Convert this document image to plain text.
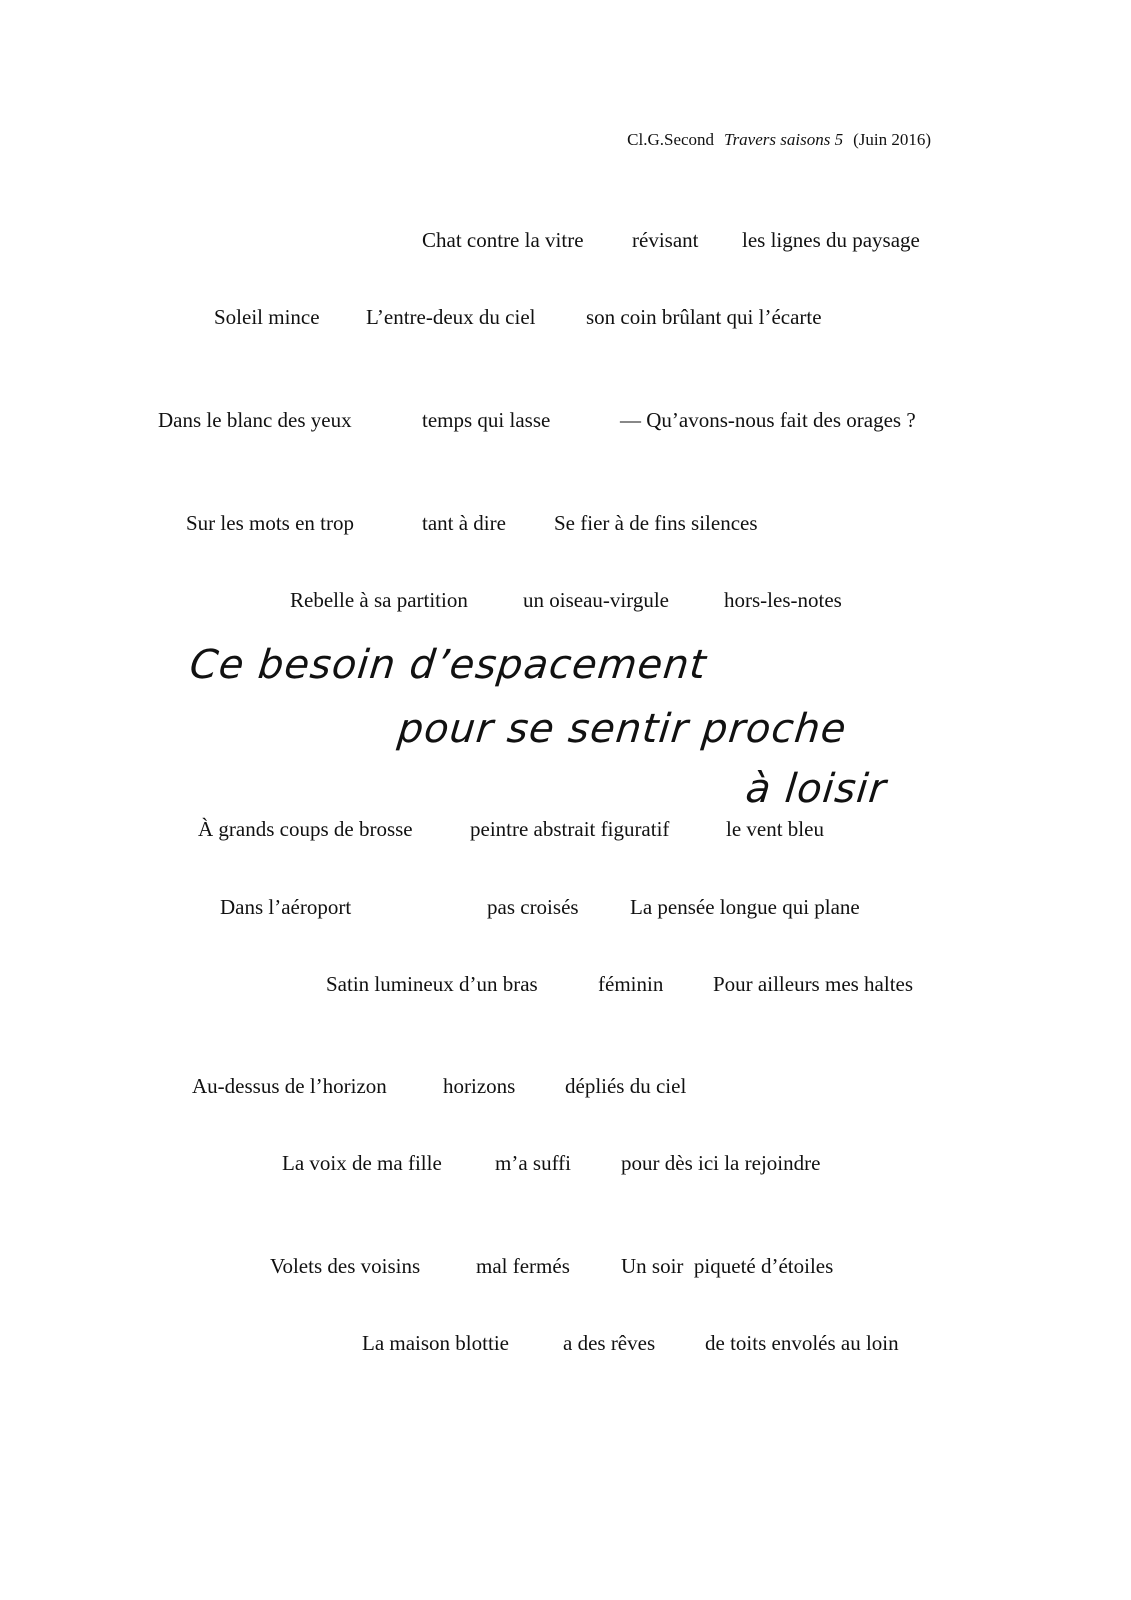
Cl.G.Second Travers saisons 5 (Juin 2016)
Chat contre la vitre révisant les lignes du paysage
Soleil mince L’entre-deux du ciel son coin brûlant qui l’écarte
Dans le blanc des yeux	temps qui lasse	— Qu’avons-nous fait des orages ?
Sur les mots en trop	tant à dire Se fier à de fins silences
Rebelle à sa partition	un oiseau-virgule	hors-les-notes
Ce besoin d’espacement
pour se sentir proche
à loisir
À grands coups de brosse	peintre abstrait figuratif	le vent bleu
Dans l’aéroport	pas croisés La pensée longue qui plane
Satin lumineux d’un bras	féminin Pour ailleurs mes haltes
Au-dessus de l’horizon	horizons dépliés du ciel
La voix de ma fille	m’a suffi pour dès ici la rejoindre
Volets des voisins	mal fermés Un soir  piqueté d’étoiles
La maison blottie	a des rêves de toits envolés au loin
